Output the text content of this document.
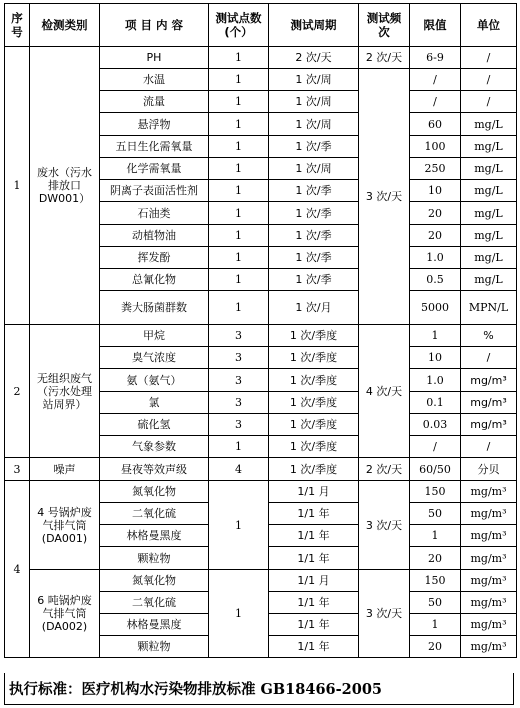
序号	检测类别	项 目 内 容	测试点数(个）	测试周期	测试频次	限值	单位
1	废水（污水排放口DW001）	PH	1	2 次/天	2 次/天	6-9	/
		水温	1	1 次/周	3 次/天	/	/
		流量	1	1 次/周		/	/
		悬浮物	1	1 次/周		60	mg/L
		五日生化需氧量	1	1 次/季		100	mg/L
		化学需氧量	1	1 次/周		250	mg/L
		阴离子表面活性剂	1	1 次/季		10	mg/L
		石油类	1	1 次/季		20	mg/L
		动植物油	1	1 次/季		20	mg/L
		挥发酚	1	1 次/季		1.0	mg/L
		总氰化物	1	1 次/季		0.5	mg/L
		粪大肠菌群数	1	1 次/月		5000	MPN/L
2	无组织废气（污水处理站周界）	甲烷	3	1 次/季度	4 次/天	1	%
		臭气浓度	3	1 次/季度		10	/
		氨（氨气）	3	1 次/季度		1.0	mg/m³
		氯	3	1 次/季度		0.1	mg/m³
		硫化氢	3	1 次/季度		0.03	mg/m³
		气象参数	1	1 次/季度		/	/
3	噪声	昼夜等效声级	4	1 次/季度	2 次/天	60/50	分贝
4	4 号锅炉废气排气筒(DA001)	氮氧化物	1	1/1 月	3 次/天	150	mg/m³
		二氧化硫		1/1 年		50	mg/m³
		林格曼黑度		1/1 年		1	mg/m³
		颗粒物		1/1 年		20	mg/m³
	6 吨锅炉废气排气筒(DA002)	氮氧化物	1	1/1 月	3 次/天	150	mg/m³
		二氧化硫		1/1 年		50	mg/m³
		林格曼黑度		1/1 年		1	mg/m³
		颗粒物		1/1 年		20	mg/m³
执行标准：医疗机构水污染物排放标准 GB18466-2005
